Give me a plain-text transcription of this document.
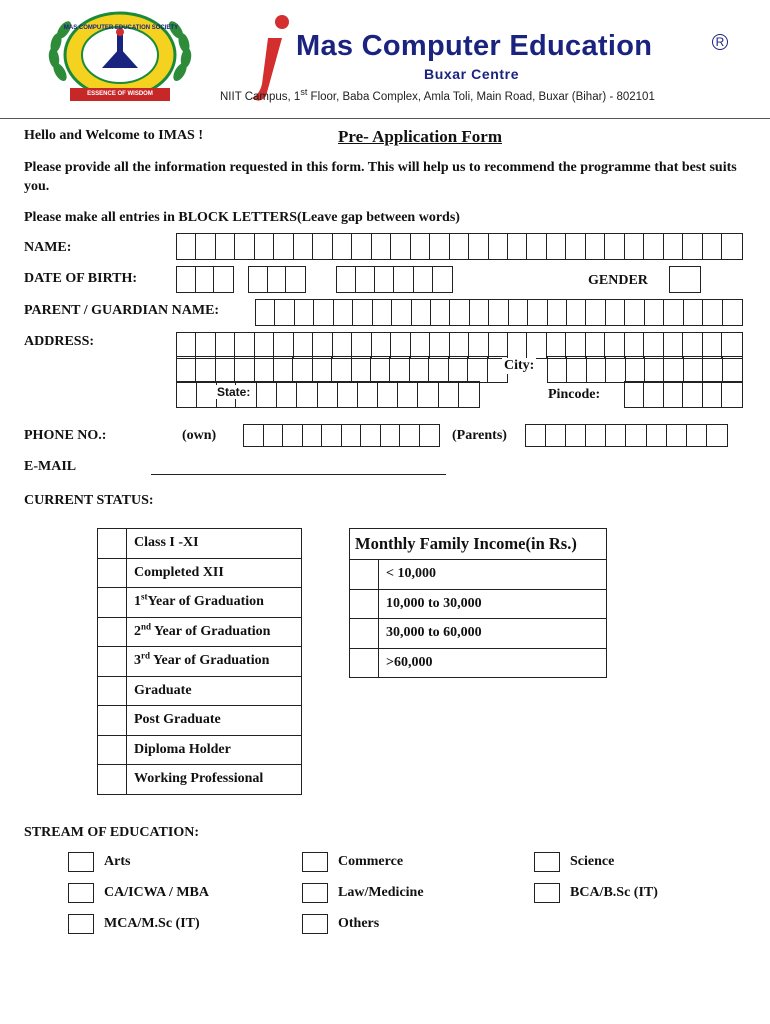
MAS COMPUTER EDUCATION SOCIETY
ESSENCE OF WISDOM
Mas Computer Education	R
Buxar Centre
NIIT Campus, 1st Floor, Baba Complex, Amla Toli, Main Road, Buxar (Bihar) - 802101
Hello and Welcome to IMAS !	Pre- Application Form
Please provide all the information requested in this form. This will help us to recommend the programme that best suits you.
Please make all entries in BLOCK LETTERS(Leave gap between words)
NAME:
DATE OF BIRTH:	GENDER
PARENT / GUARDIAN NAME:
ADDRESS:
City:
State:	Pincode:
PHONE NO.:	(own)	(Parents)
E-MAIL
CURRENT STATUS:
	Class I -XI
	Completed XII
	1stYear of Graduation
	2nd Year of Graduation
	3rd Year of Graduation
	Graduate
	Post Graduate
	Diploma Holder
	Working Professional
Monthly Family Income(in Rs.)	
	< 10,000
	10,000 to 30,000
	30,000 to 60,000
	>60,000
STREAM OF EDUCATION:
Arts	Commerce	Science
CA/ICWA / MBA	Law/Medicine	BCA/B.Sc (IT)
MCA/M.Sc (IT)	Others
